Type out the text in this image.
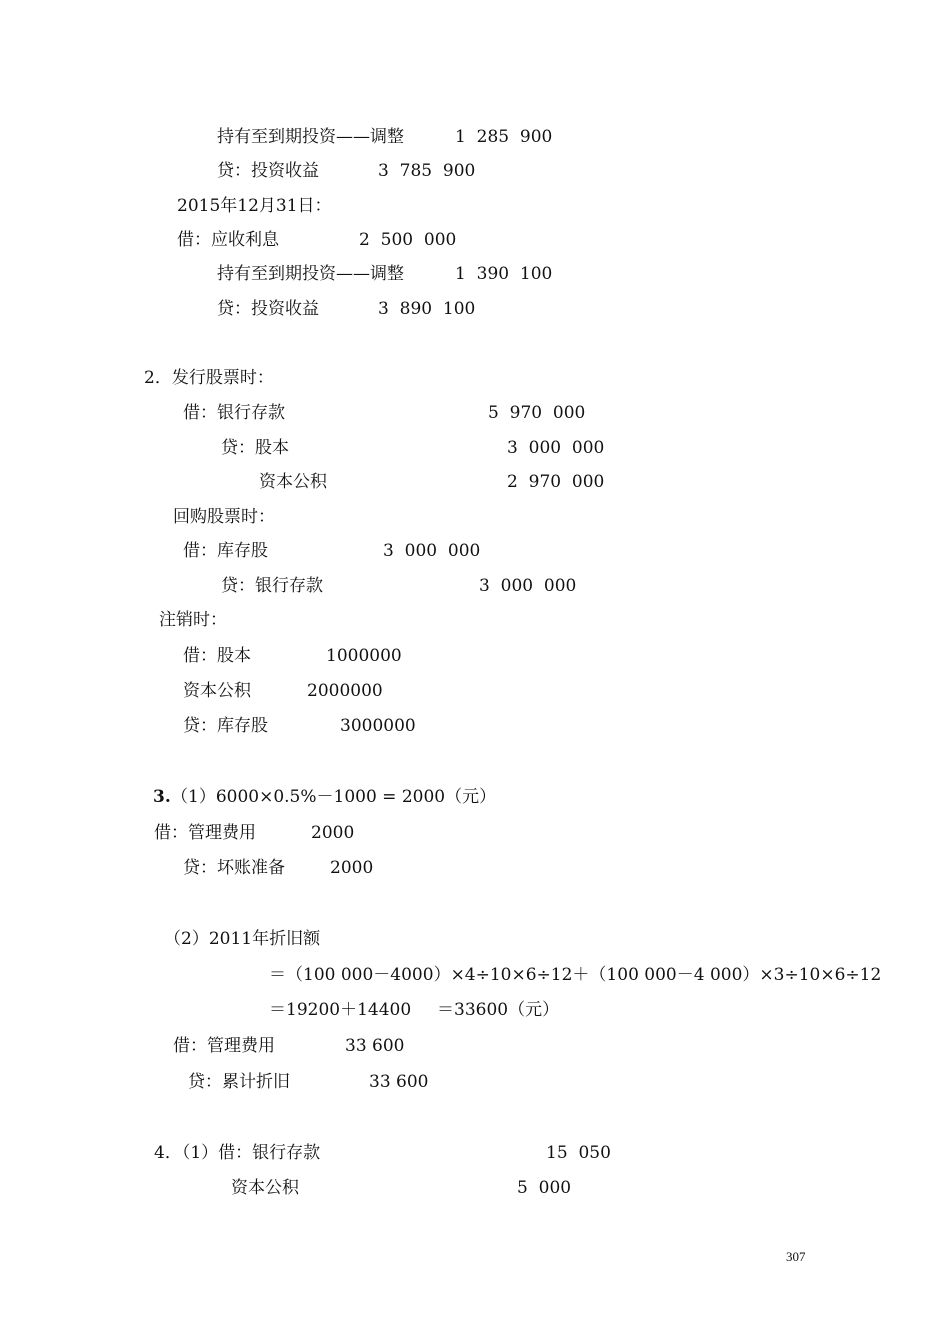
持有至到期投资——调整	1  285  900
贷：投资收益	3  785  900
2015年12月31日：
借：应收利息	2  500  000
持有至到期投资——调整	1  390  100
贷：投资收益	3  890  100
2．发行股票时：
借：银行存款	5  970  000
贷：股本	3  000  000
资本公积	2  970  000
回购股票时：
借：库存股	3  000  000
贷：银行存款	3  000  000
注销时：
借：股本	1000000
资本公积	2000000
贷：库存股	3000000
3. （1）6000×0.5%－1000 = 2000（元）
借：管理费用	2000
贷：坏账准备	2000
（2）2011年折旧额
＝（100 000－4000）×4÷10×6÷12＋（100 000－4 000）×3÷10×6÷12
＝19200＋14400 ＝33600（元）
借：管理费用	33 600
贷：累计折旧	33 600
4．（1）借：银行存款	15  050
资本公积	5  000
307
